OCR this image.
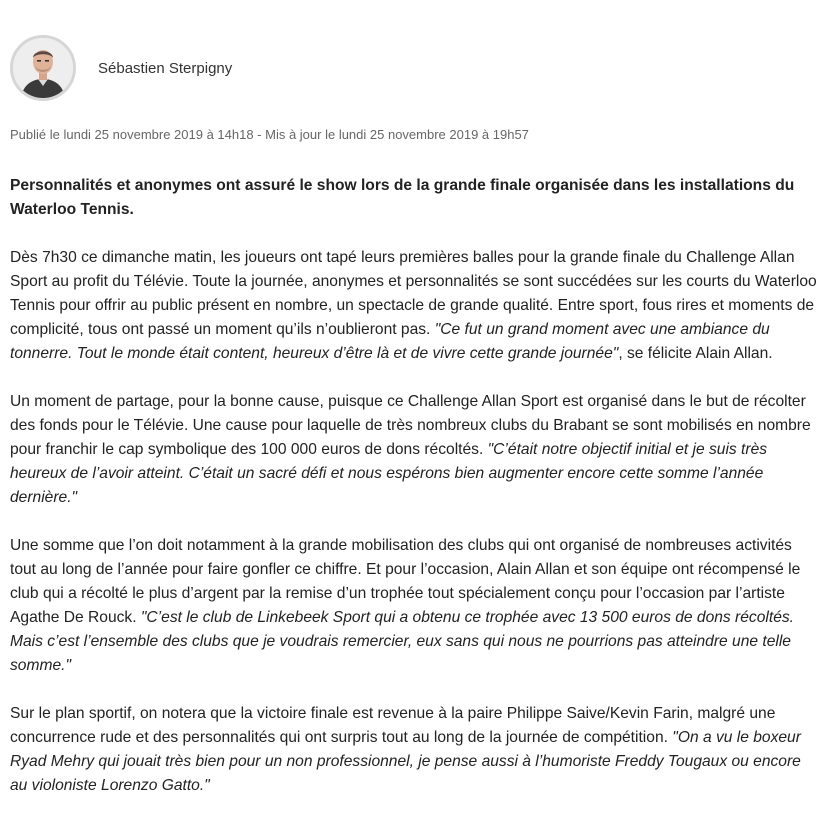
Sébastien Sterpigny
Publié le lundi 25 novembre 2019 à 14h18 - Mis à jour le lundi 25 novembre 2019 à 19h57

Personnalités et anonymes ont assuré le show lors de la grande finale organisée dans les installations du Waterloo Tennis.

Dès 7h30 ce dimanche matin, les joueurs ont tapé leurs premières balles pour la grande finale du Challenge Allan Sport au profit du Télévie. Toute la journée, anonymes et personnalités se sont succédées sur les courts du Waterloo Tennis pour offrir au public présent en nombre, un spectacle de grande qualité. Entre sport, fous rires et moments de complicité, tous ont passé un moment qu’ils n’oublieront pas. "Ce fut un grand moment avec une ambiance du tonnerre. Tout le monde était content, heureux d’être là et de vivre cette grande journée", se félicite Alain Allan.

Un moment de partage, pour la bonne cause, puisque ce Challenge Allan Sport est organisé dans le but de récolter des fonds pour le Télévie. Une cause pour laquelle de très nombreux clubs du Brabant se sont mobilisés en nombre pour franchir le cap symbolique des 100 000 euros de dons récoltés. "C’était notre objectif initial et je suis très heureux de l’avoir atteint. C’était un sacré défi et nous espérons bien augmenter encore cette somme l’année dernière."

Une somme que l’on doit notamment à la grande mobilisation des clubs qui ont organisé de nombreuses activités tout au long de l’année pour faire gonfler ce chiffre. Et pour l’occasion, Alain Allan et son équipe ont récompensé le club qui a récolté le plus d’argent par la remise d’un trophée tout spécialement conçu pour l’occasion par l’artiste Agathe De Rouck. "C’est le club de Linkebeek Sport qui a obtenu ce trophée avec 13 500 euros de dons récoltés. Mais c’est l’ensemble des clubs que je voudrais remercier, eux sans qui nous ne pourrions pas atteindre une telle somme."

Sur le plan sportif, on notera que la victoire finale est revenue à la paire Philippe Saive/Kevin Farin, malgré une concurrence rude et des personnalités qui ont surpris tout au long de la journée de compétition. "On a vu le boxeur Ryad Mehry qui jouait très bien pour un non professionnel, je pense aussi à l’humoriste Freddy Tougaux ou encore au violoniste Lorenzo Gatto."
